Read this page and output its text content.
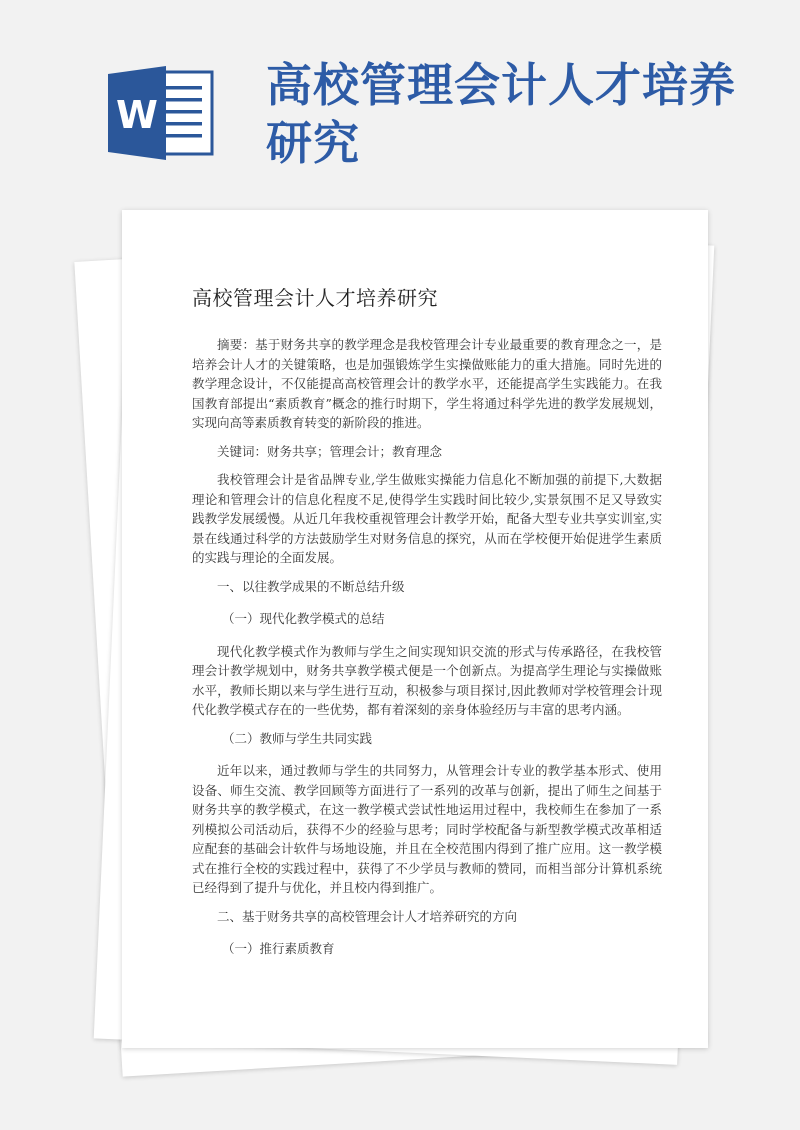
W
高校管理会计人才培养研究
高校管理会计人才培养研究

摘要：基于财务共享的教学理念是我校管理会计专业最重要的教育理念之一，是培养会计人才的关键策略，也是加强锻炼学生实操做账能力的重大措施。同时先进的教学理念设计，不仅能提高高校管理会计的教学水平，还能提高学生实践能力。在我国教育部提出“素质教育”概念的推行时期下，学生将通过科学先进的教学发展规划，实现向高等素质教育转变的新阶段的推进。

关键词：财务共享；管理会计；教育理念

我校管理会计是省品牌专业,学生做账实操能力信息化不断加强的前提下,大数据理论和管理会计的信息化程度不足,使得学生实践时间比较少,实景氛围不足又导致实践教学发展缓慢。从近几年我校重视管理会计教学开始，配备大型专业共享实训室,实景在线通过科学的方法鼓励学生对财务信息的探究，从而在学校便开始促进学生素质的实践与理论的全面发展。

一、以往教学成果的不断总结升级

（一）现代化教学模式的总结

现代化教学模式作为教师与学生之间实现知识交流的形式与传承路径，在我校管理会计教学规划中，财务共享教学模式便是一个创新点。为提高学生理论与实操做账水平，教师长期以来与学生进行互动，积极参与项目探讨,因此教师对学校管理会计现代化教学模式存在的一些优势，都有着深刻的亲身体验经历与丰富的思考内涵。

（二）教师与学生共同实践

近年以来，通过教师与学生的共同努力，从管理会计专业的教学基本形式、使用设备、师生交流、教学回顾等方面进行了一系列的改革与创新，提出了师生之间基于财务共享的教学模式，在这一教学模式尝试性地运用过程中，我校师生在参加了一系列模拟公司活动后，获得不少的经验与思考；同时学校配备与新型教学模式改革相适应配套的基础会计软件与场地设施，并且在全校范围内得到了推广应用。这一教学模式在推行全校的实践过程中，获得了不少学员与教师的赞同，而相当部分计算机系统已经得到了提升与优化，并且校内得到推广。

二、基于财务共享的高校管理会计人才培养研究的方向

（一）推行素质教育
